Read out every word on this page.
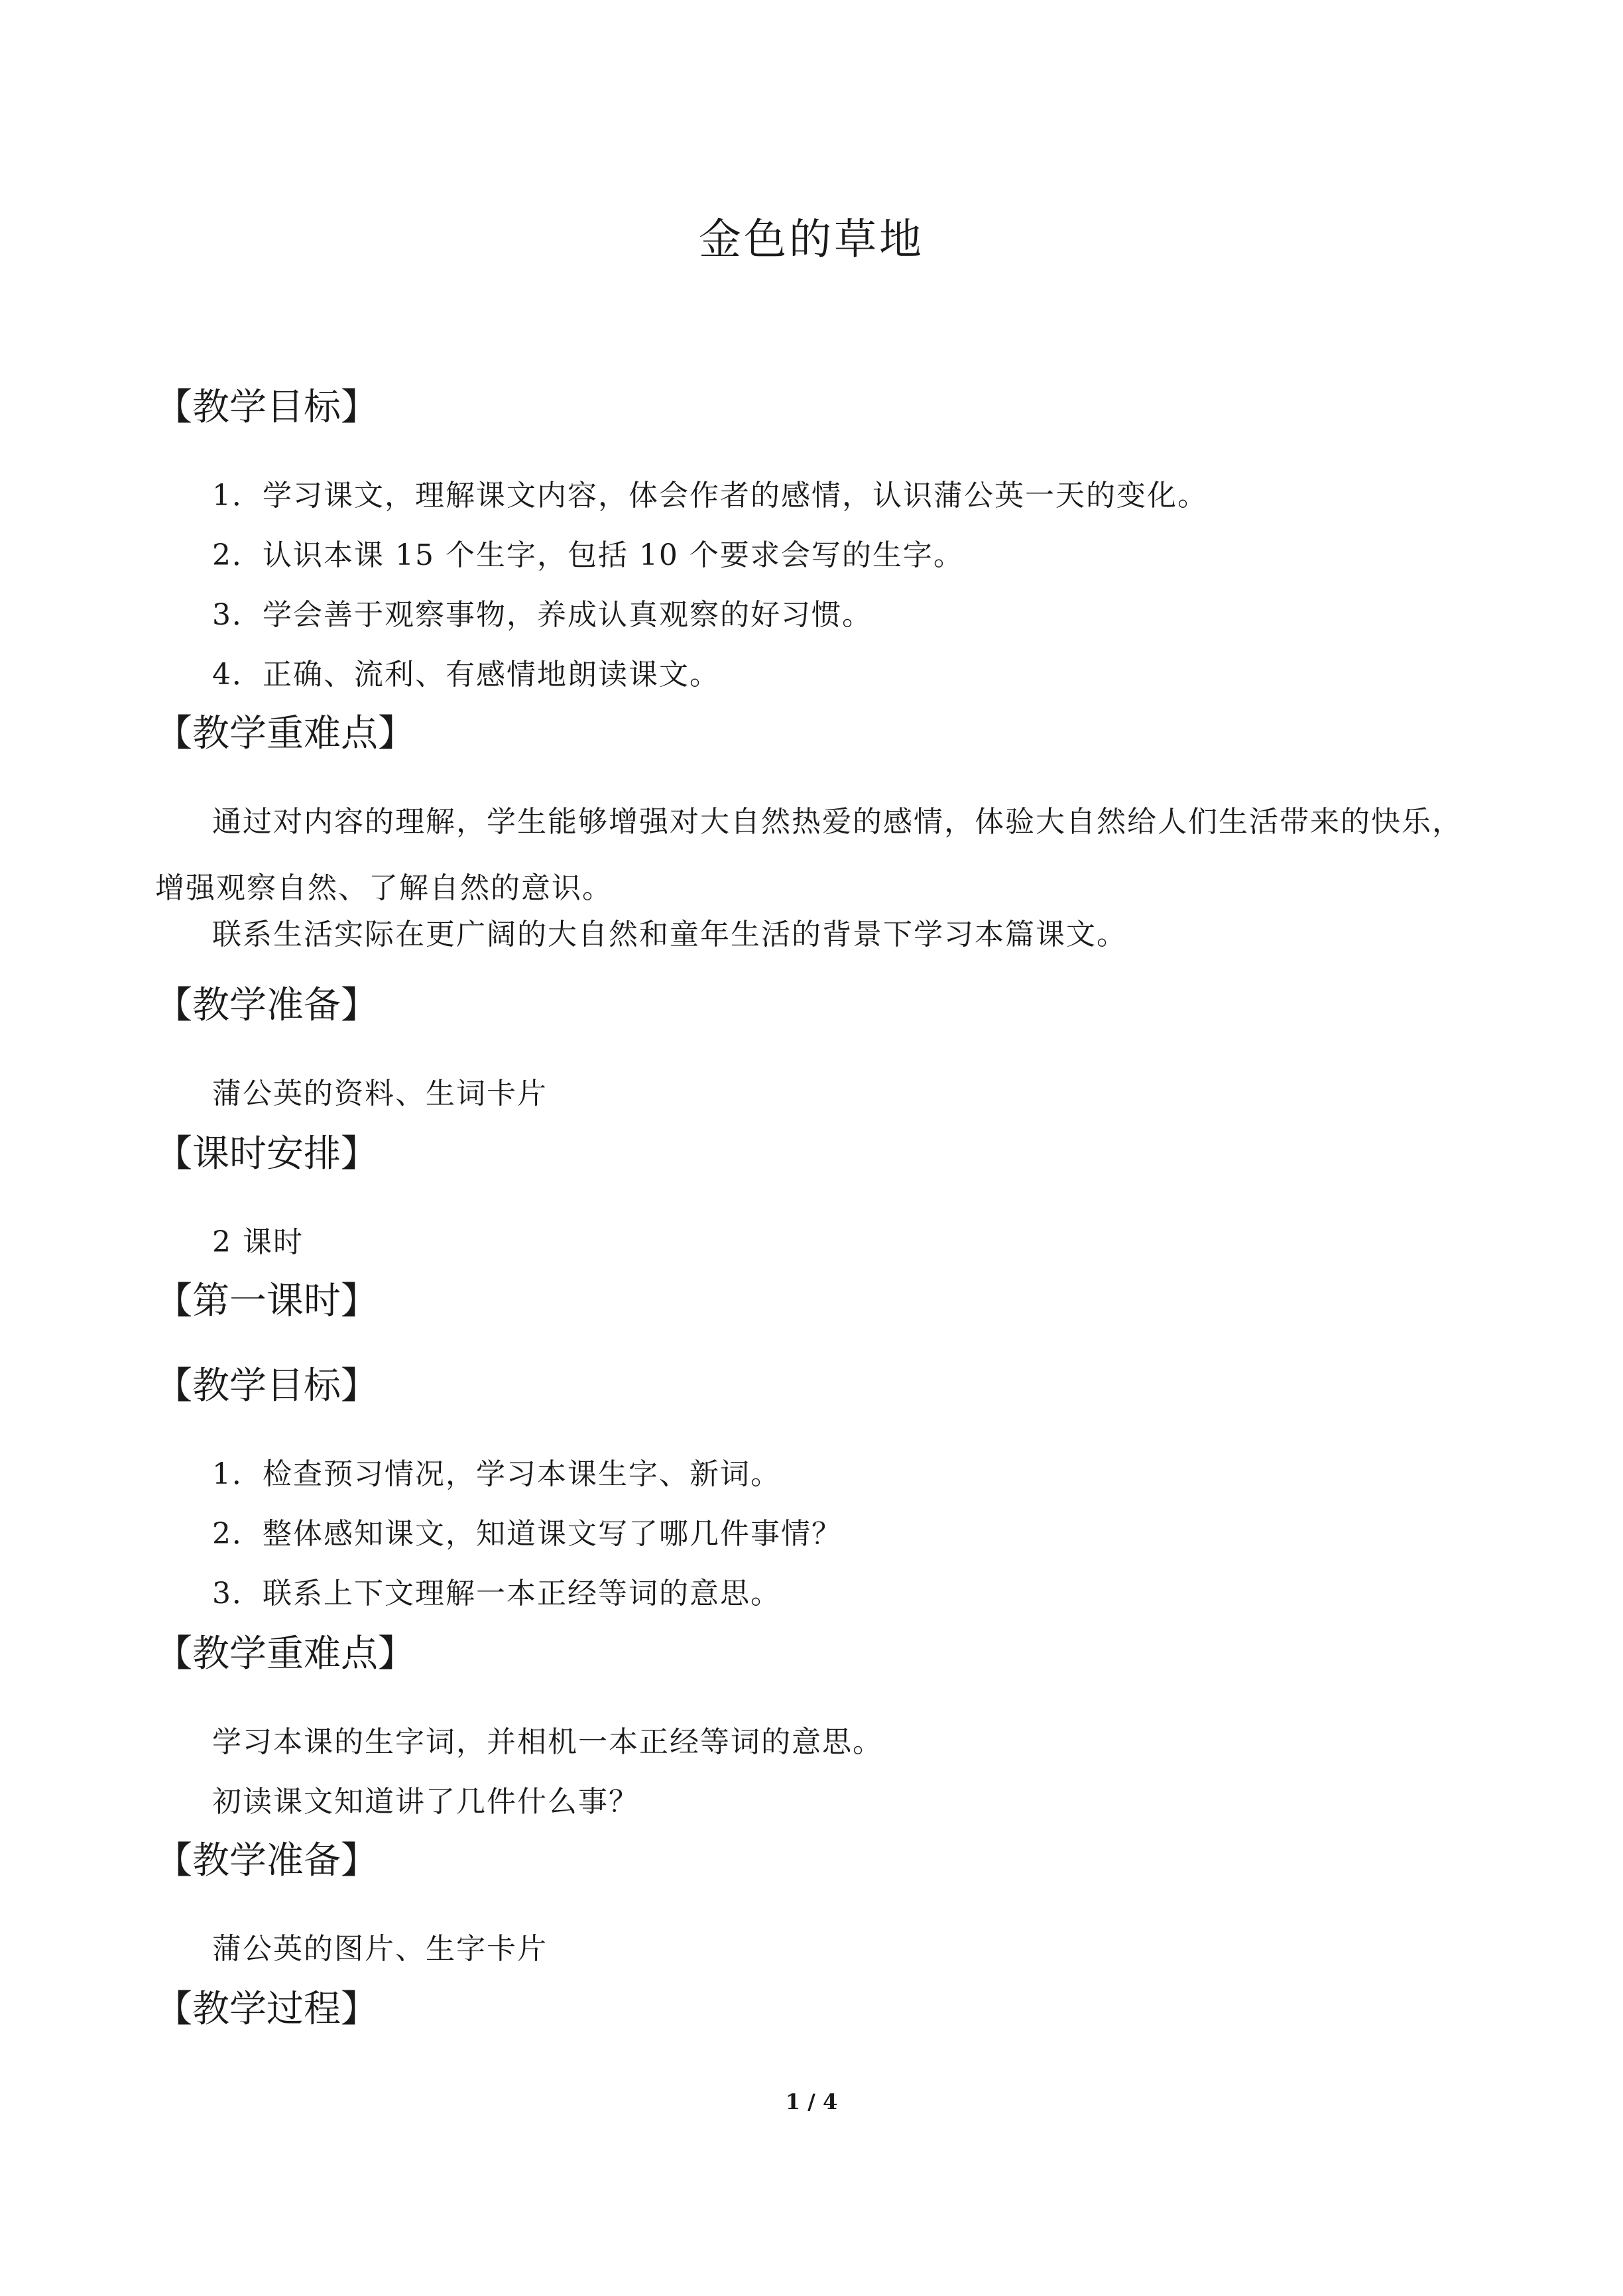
金色的草地
【教学目标】
1．学习课文，理解课文内容，体会作者的感情，认识蒲公英一天的变化。
2．认识本课 15 个生字，包括 10 个要求会写的生字。
3．学会善于观察事物，养成认真观察的好习惯。
4．正确、流利、有感情地朗读课文。
【教学重难点】
通过对内容的理解，学生能够增强对大自然热爱的感情，体验大自然给人们生活带来的快乐，增强观察自然、了解自然的意识。
联系生活实际在更广阔的大自然和童年生活的背景下学习本篇课文。
【教学准备】
蒲公英的资料、生词卡片
【课时安排】
2 课时
【第一课时】
【教学目标】
1．检查预习情况，学习本课生字、新词。
2．整体感知课文，知道课文写了哪几件事情？
3．联系上下文理解一本正经等词的意思。
【教学重难点】
学习本课的生字词，并相机一本正经等词的意思。
初读课文知道讲了几件什么事？
【教学准备】
蒲公英的图片、生字卡片
【教学过程】
1 / 4
